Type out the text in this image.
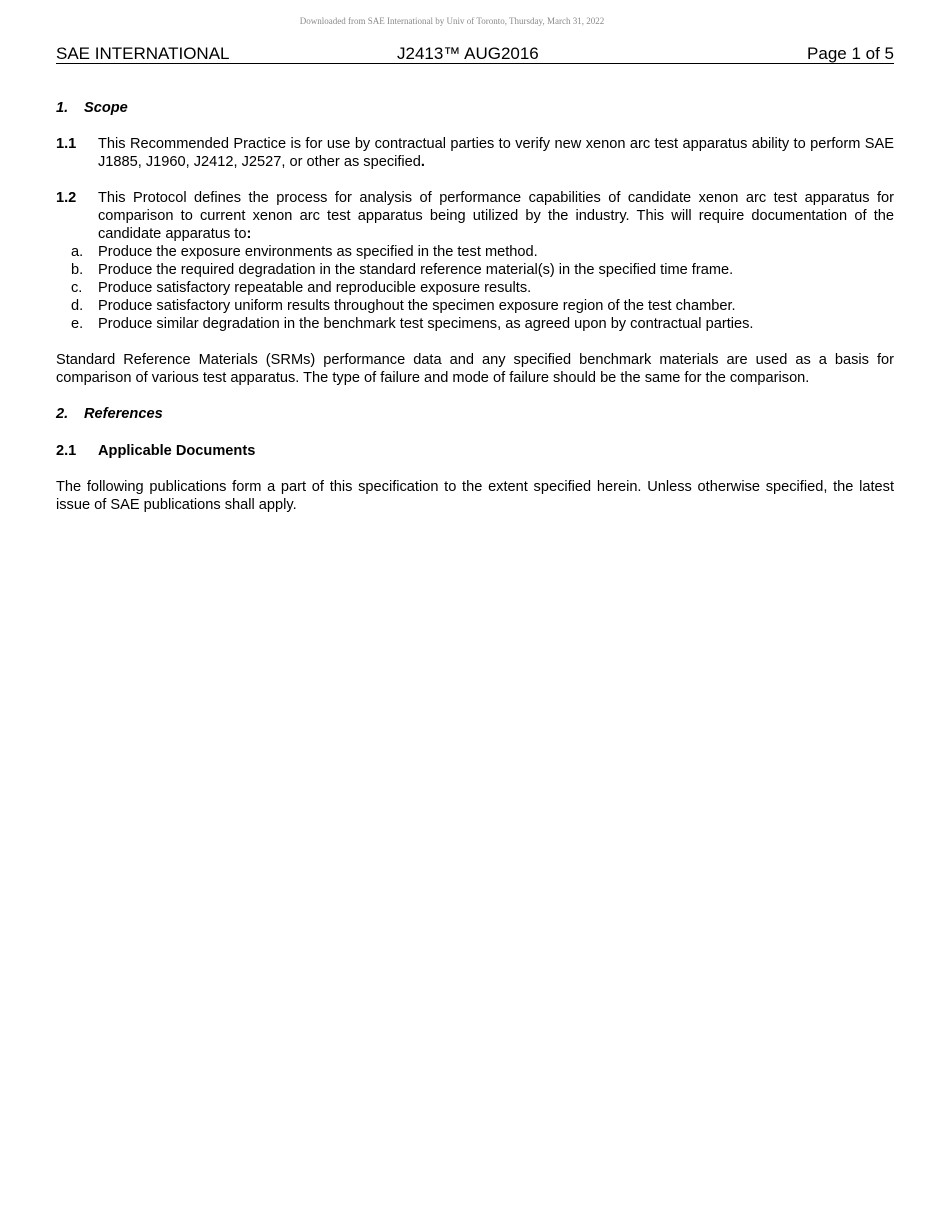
Downloaded from SAE International by Univ of Toronto, Thursday, March 31, 2022
SAE INTERNATIONAL	J2413™ AUG2016	Page 1 of 5
1.	Scope
1.1	This Recommended Practice is for use by contractual parties to verify new xenon arc test apparatus ability to perform SAE J1885, J1960, J2412, J2527, or other as specified.
1.2	This Protocol defines the process for analysis of performance capabilities of candidate xenon arc test apparatus for comparison to current xenon arc test apparatus being utilized by the industry. This will require documentation of the candidate apparatus to:
a.	Produce the exposure environments as specified in the test method.
b.	Produce the required degradation in the standard reference material(s) in the specified time frame.
c.	Produce satisfactory repeatable and reproducible exposure results.
d.	Produce satisfactory uniform results throughout the specimen exposure region of the test chamber.
e.	Produce similar degradation in the benchmark test specimens, as agreed upon by contractual parties.
Standard Reference Materials (SRMs) performance data and any specified benchmark materials are used as a basis for comparison of various test apparatus. The type of failure and mode of failure should be the same for the comparison.
2.	References
2.1	Applicable Documents
The following publications form a part of this specification to the extent specified herein. Unless otherwise specified, the latest issue of SAE publications shall apply.
